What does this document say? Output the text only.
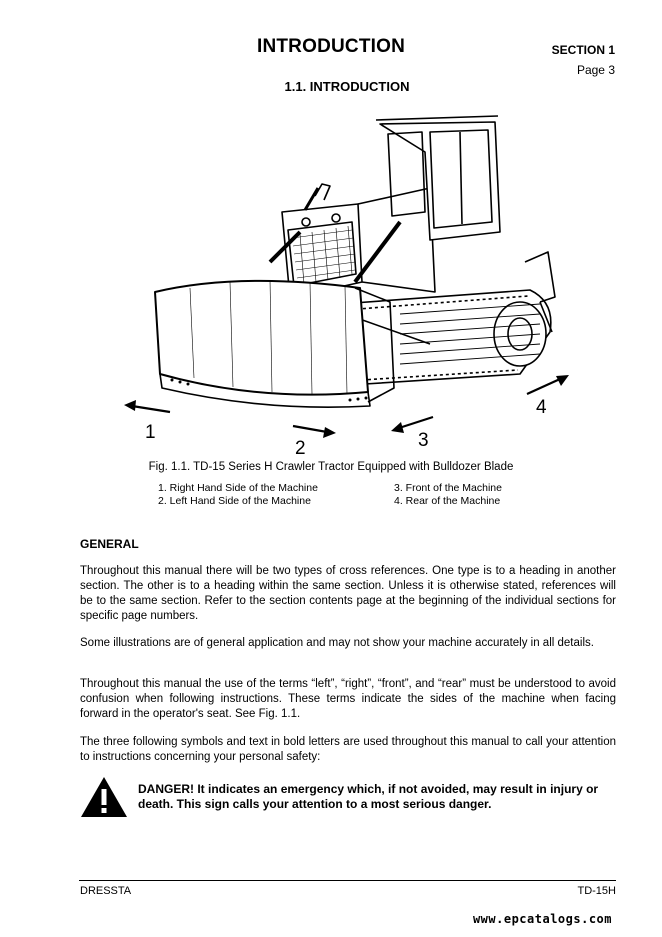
INTRODUCTION	SECTION 1
Page 3
1.1. INTRODUCTION
1
2	3
4
Fig. 1.1. TD-15 Series H Crawler Tractor Equipped with Bulldozer Blade
1. Right Hand Side of the Machine
2. Left Hand Side of the Machine
3. Front of the Machine
4. Rear of the Machine
GENERAL

Throughout this manual there will be two types of cross references. One type is to a heading in another section. The other is to a heading within the same section. Unless it is otherwise stated, references will be to the same section. Refer to the section contents page at the beginning of the individual sections for specific page numbers.

Some illustrations are of general application and may not show your machine accurately in all details.

Throughout this manual the use of the terms “left”, “right”, “front”, and “rear” must be understood to avoid confusion when following instructions. These terms indicate the sides of the machine when facing forward in the operator's seat. See Fig. 1.1.

The three following symbols and text in bold letters are used throughout this manual to call your attention to instructions concerning your personal safety:

DANGER! It indicates an emergency which, if not avoided, may result in injury or death. This sign calls your attention to a most serious danger.

DRESSTA	TD-15H
www.epcatalogs.com
